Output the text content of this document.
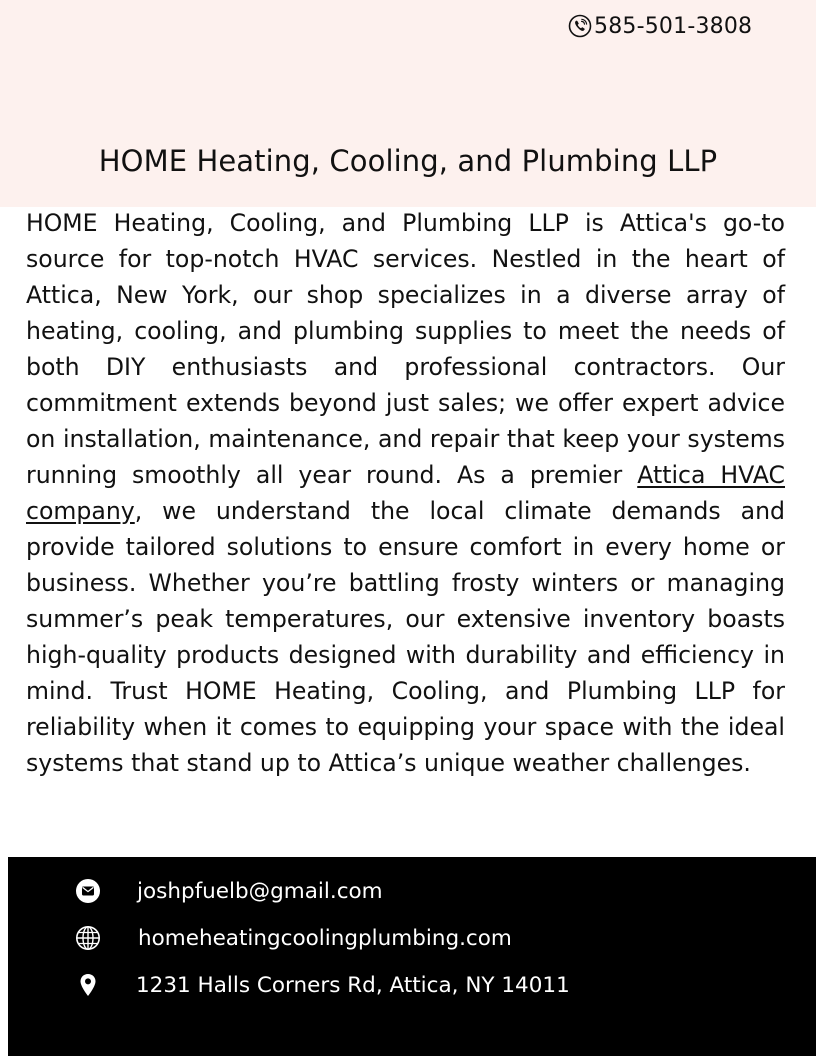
585-501-3808
HOME Heating, Cooling, and Plumbing LLP
HOME Heating, Cooling, and Plumbing LLP is Attica's go-to source for top-notch HVAC services. Nestled in the heart of Attica, New York, our shop specializes in a diverse array of heating, cooling, and plumbing supplies to meet the needs of both DIY enthusiasts and professional contractors. Our commitment extends beyond just sales; we offer expert advice on installation, maintenance, and repair that keep your systems running smoothly all year round. As a premier Attica HVAC company, we understand the local climate demands and provide tailored solutions to ensure comfort in every home or business. Whether you’re battling frosty winters or managing summer’s peak temperatures, our extensive inventory boasts high-quality products designed with durability and efficiency in mind. Trust HOME Heating, Cooling, and Plumbing LLP for reliability when it comes to equipping your space with the ideal systems that stand up to Attica’s unique weather challenges.
joshpfuelb@gmail.com
homeheatingcoolingplumbing.com
1231 Halls Corners Rd, Attica, NY 14011
